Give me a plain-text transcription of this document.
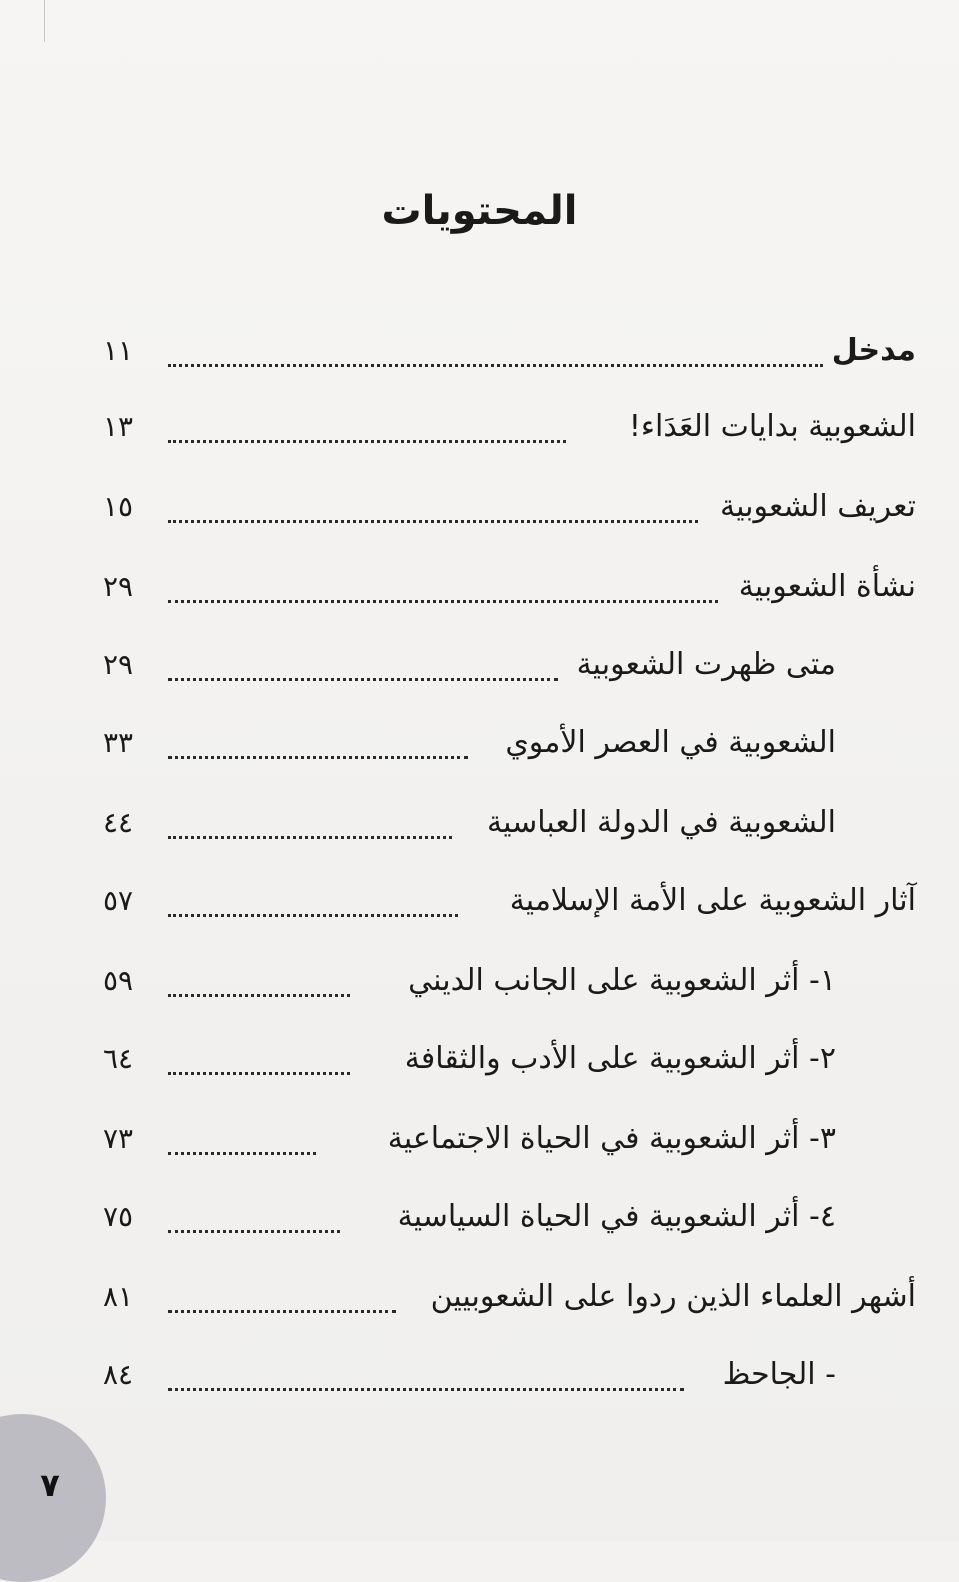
المحتويات
مدخل
١١
الشعوبية بدايات العَدَاء!
١٣
تعريف الشعوبية
١٥
نشأة الشعوبية
٢٩
متى ظهرت الشعوبية
٢٩
الشعوبية في العصر الأموي
٣٣
الشعوبية في الدولة العباسية
٤٤
آثار الشعوبية على الأمة الإسلامية
٥٧
١- أثر الشعوبية على الجانب الديني
٥٩
٢- أثر الشعوبية على الأدب والثقافة
٦٤
٣- أثر الشعوبية في الحياة الاجتماعية
٧٣
٤- أثر الشعوبية في الحياة السياسية
٧٥
أشهر العلماء الذين ردوا على الشعوبيين
٨١
- الجاحظ
٨٤
٧
